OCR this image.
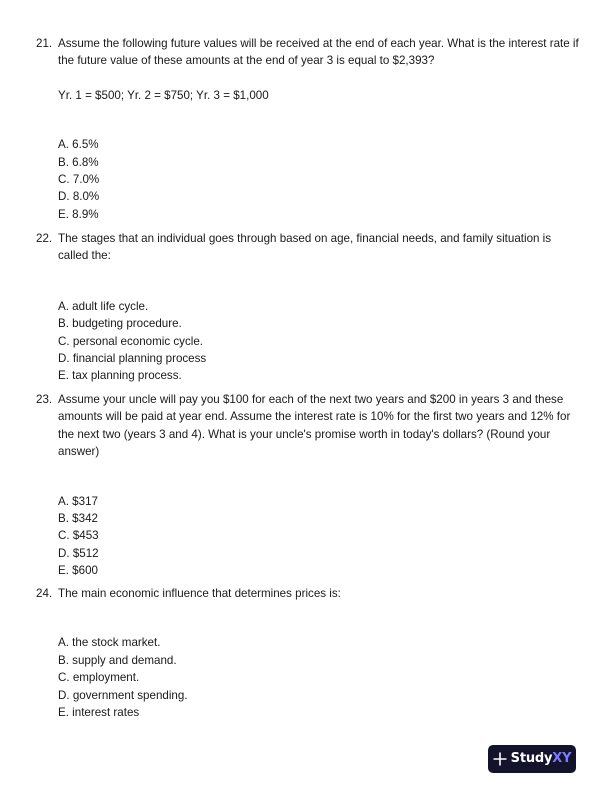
21. Assume the following future values will be received at the end of each year. What is the interest rate if the future value of these amounts at the end of year 3 is equal to $2,393?
Yr. 1 = $500; Yr. 2 = $750; Yr. 3 = $1,000
A. 6.5%
B. 6.8%
C. 7.0%
D. 8.0%
E. 8.9%
22. The stages that an individual goes through based on age, financial needs, and family situation is called the:
A. adult life cycle.
B. budgeting procedure.
C. personal economic cycle.
D. financial planning process
E. tax planning process.
23. Assume your uncle will pay you $100 for each of the next two years and $200 in years 3 and these amounts will be paid at year end. Assume the interest rate is 10% for the first two years and 12% for the next two (years 3 and 4). What is your uncle's promise worth in today's dollars? (Round your answer)
A. $317
B. $342
C. $453
D. $512
E. $600
24. The main economic influence that determines prices is:
A. the stock market.
B. supply and demand.
C. employment.
D. government spending.
E. interest rates
Study XY
